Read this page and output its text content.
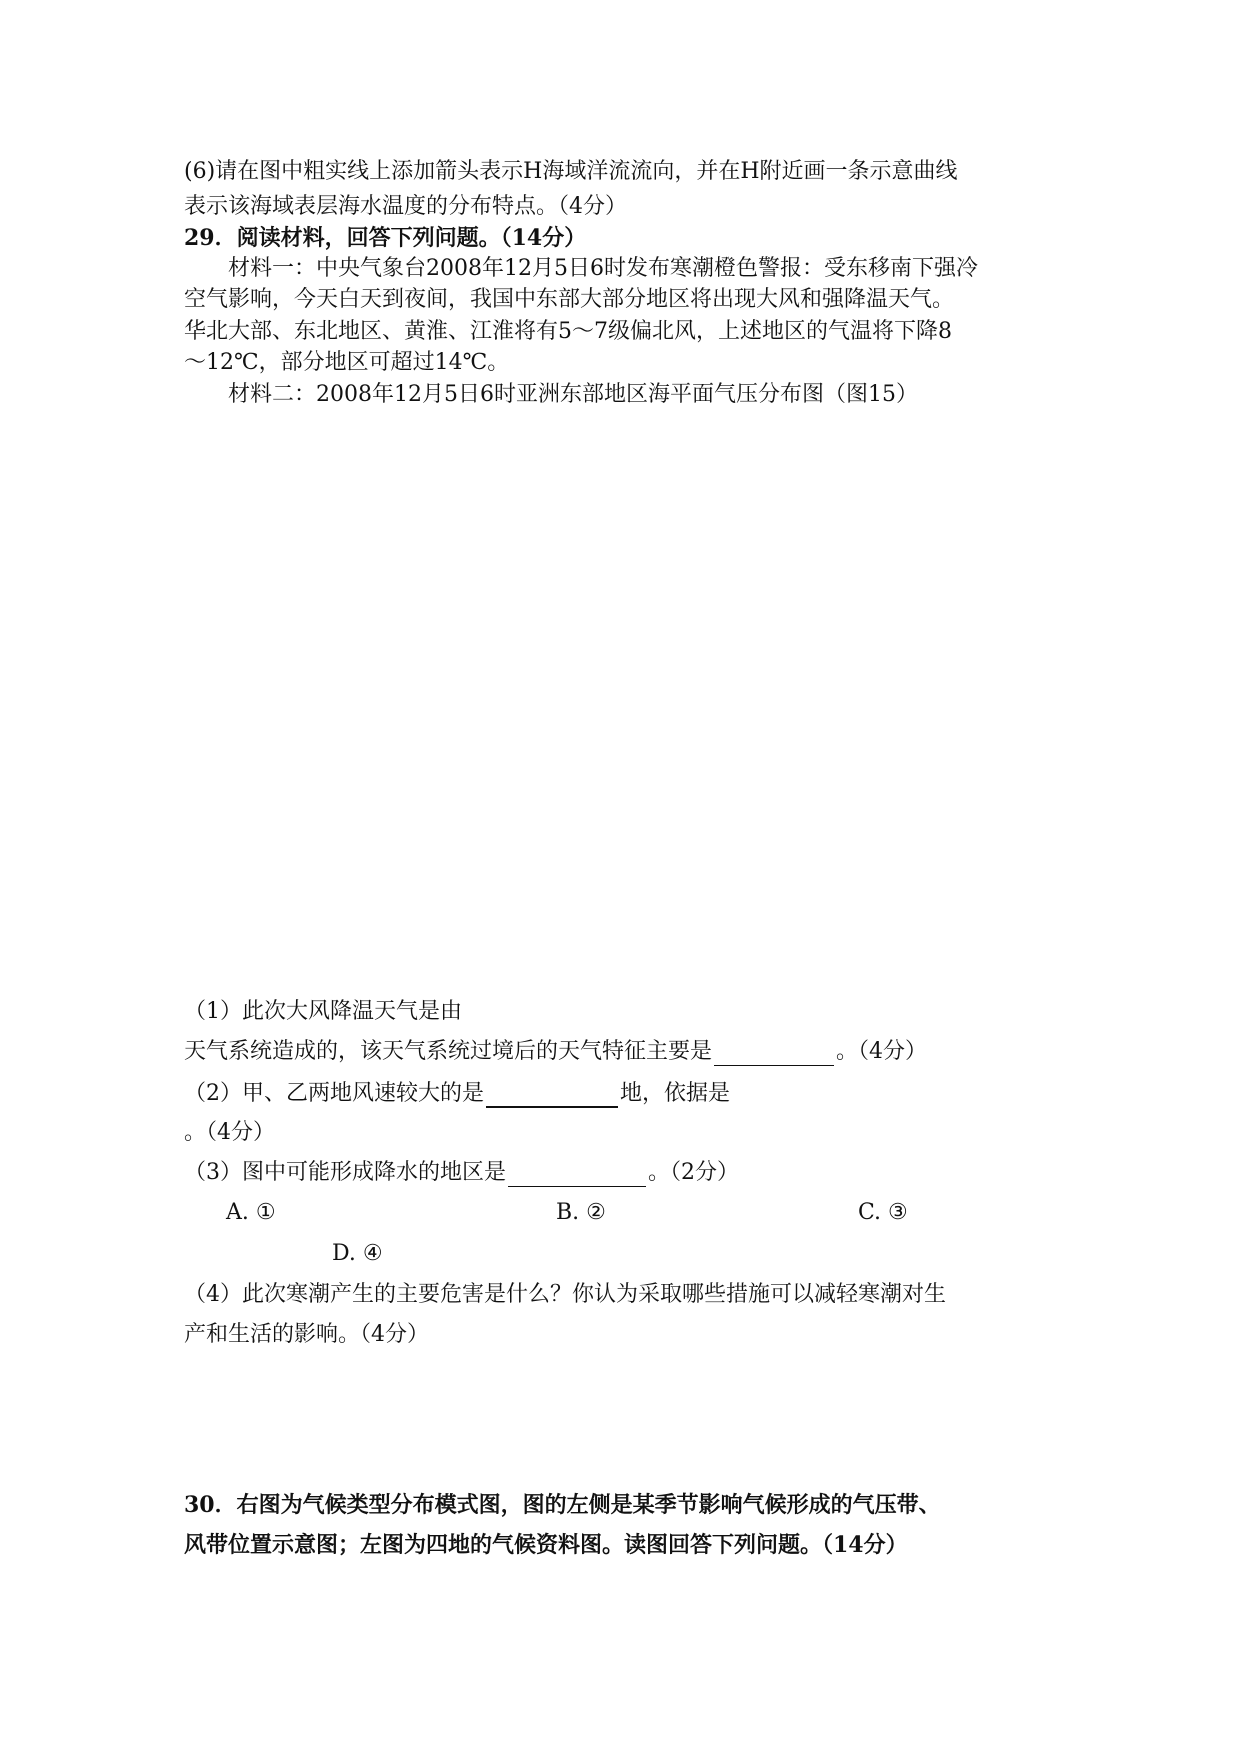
(6)请在图中粗实线上添加箭头表示H海域洋流流向，并在H附近画一条示意曲线
表示该海域表层海水温度的分布特点。（4分）
29．阅读材料，回答下列问题。（14分）
材料一：中央气象台2008年12月5日6时发布寒潮橙色警报：受东移南下强冷
空气影响，今天白天到夜间，我国中东部大部分地区将出现大风和强降温天气。
华北大部、东北地区、黄淮、江淮将有5～7级偏北风，上述地区的气温将下降8
～12℃，部分地区可超过14℃。
材料二：2008年12月5日6时亚洲东部地区海平面气压分布图（图15）
（1）此次大风降温天气是由
天气系统造成的，该天气系统过境后的天气特征主要是	。（4分）
（2）甲、乙两地风速较大的是	地，依据是
。（4分）
（3）图中可能形成降水的地区是	。（2分）
A. ①	B. ②	C. ③
D. ④
（4）此次寒潮产生的主要危害是什么？你认为采取哪些措施可以减轻寒潮对生
产和生活的影响。（4分）
30．右图为气候类型分布模式图，图的左侧是某季节影响气候形成的气压带、
风带位置示意图；左图为四地的气候资料图。读图回答下列问题。（14分）
